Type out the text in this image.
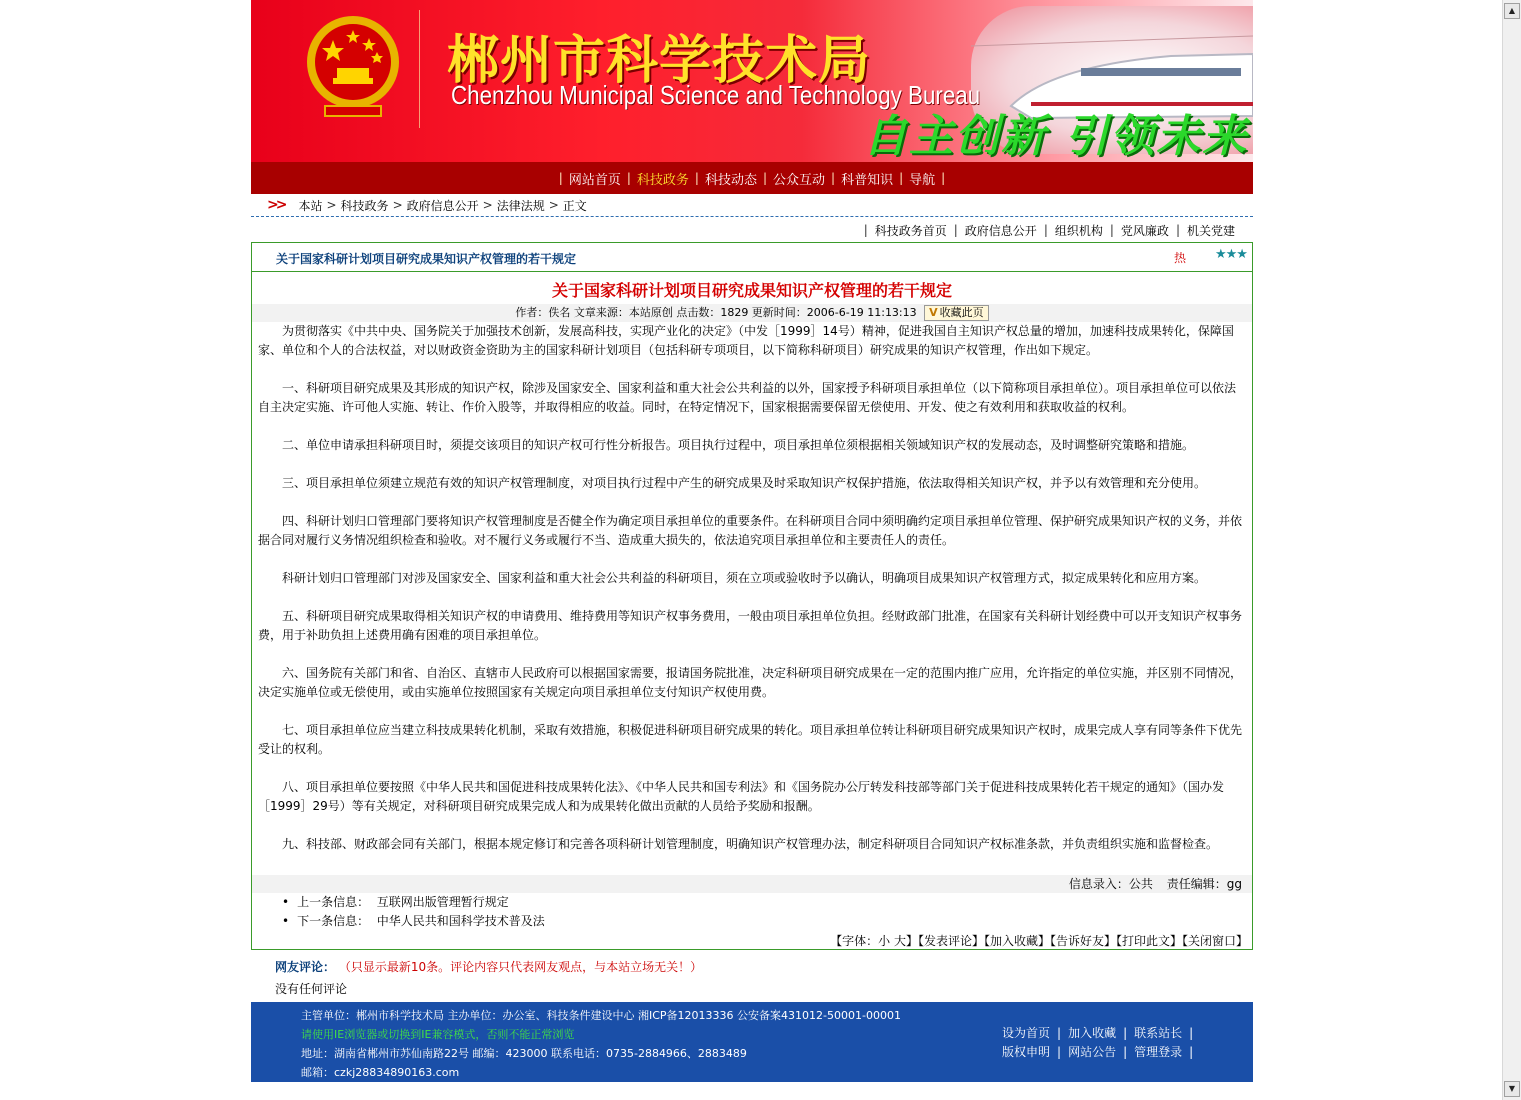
郴州市科学技术局
Chenzhou Municipal Science and Technology Bureau
自主创新 引领未来
| 网站首页 | 科技政务 | 科技动态 | 公众互动 | 科普知识 | 导航 |
>> 本站 > 科技政务 > 政府信息公开 > 法律法规 > 正文
| 科技政务首页 | 政府信息公开 | 组织机构 | 党风廉政 | 机关党建
关于国家科研计划项目研究成果知识产权管理的若干规定	热 ★★★
关于国家科研计划项目研究成果知识产权管理的若干规定
作者：佚名 文章来源：本站原创 点击数：1829 更新时间：2006-6-19 11:13:13 V 收藏此页

为贯彻落实《中共中央、国务院关于加强技术创新，发展高科技，实现产业化的决定》（中发［1999］14号）精神，促进我国自主知识产权总量的增加，加速科技成果转化，保障国家、单位和个人的合法权益，对以财政资金资助为主的国家科研计划项目（包括科研专项项目，以下简称科研项目）研究成果的知识产权管理，作出如下规定。

一、科研项目研究成果及其形成的知识产权，除涉及国家安全、国家利益和重大社会公共利益的以外，国家授予科研项目承担单位（以下简称项目承担单位）。项目承担单位可以依法自主决定实施、许可他人实施、转让、作价入股等，并取得相应的收益。同时，在特定情况下，国家根据需要保留无偿使用、开发、使之有效利用和获取收益的权利。

二、单位申请承担科研项目时，须提交该项目的知识产权可行性分析报告。项目执行过程中，项目承担单位须根据相关领域知识产权的发展动态，及时调整研究策略和措施。

三、项目承担单位须建立规范有效的知识产权管理制度，对项目执行过程中产生的研究成果及时采取知识产权保护措施，依法取得相关知识产权，并予以有效管理和充分使用。

四、科研计划归口管理部门要将知识产权管理制度是否健全作为确定项目承担单位的重要条件。在科研项目合同中须明确约定项目承担单位管理、保护研究成果知识产权的义务，并依据合同对履行义务情况组织检查和验收。对不履行义务或履行不当、造成重大损失的，依法追究项目承担单位和主要责任人的责任。

科研计划归口管理部门对涉及国家安全、国家利益和重大社会公共利益的科研项目，须在立项或验收时予以确认，明确项目成果知识产权管理方式，拟定成果转化和应用方案。

五、科研项目研究成果取得相关知识产权的申请费用、维持费用等知识产权事务费用，一般由项目承担单位负担。经财政部门批准，在国家有关科研计划经费中可以开支知识产权事务费，用于补助负担上述费用确有困难的项目承担单位。

六、国务院有关部门和省、自治区、直辖市人民政府可以根据国家需要，报请国务院批准，决定科研项目研究成果在一定的范围内推广应用，允许指定的单位实施，并区别不同情况，决定实施单位或无偿使用，或由实施单位按照国家有关规定向项目承担单位支付知识产权使用费。

七、项目承担单位应当建立科技成果转化机制，采取有效措施，积极促进科研项目研究成果的转化。项目承担单位转让科研项目研究成果知识产权时，成果完成人享有同等条件下优先受让的权利。

八、项目承担单位要按照《中华人民共和国促进科技成果转化法》、《中华人民共和国专利法》和《国务院办公厅转发科技部等部门关于促进科技成果转化若干规定的通知》（国办发［1999］29号）等有关规定，对科研项目研究成果完成人和为成果转化做出贡献的人员给予奖励和报酬。

九、科技部、财政部会同有关部门，根据本规定修订和完善各项科研计划管理制度，明确知识产权管理办法，制定科研项目合同知识产权标准条款，并负责组织实施和监督检查。

信息录入：公共 责任编辑：gg
• 上一条信息： 互联网出版管理暂行规定
• 下一条信息： 中华人民共和国科学技术普及法
【字体：小 大】【发表评论】【加入收藏】【告诉好友】【打印此文】【关闭窗口】
网友评论： （只显示最新10条。评论内容只代表网友观点，与本站立场无关！）
没有任何评论
主管单位：郴州市科学技术局 主办单位：办公室、科技条件建设中心 湘ICP备12013336 公安备案431012-50001-00001
请使用IE浏览器或切换到IE兼容模式，否则不能正常浏览
地址：湖南省郴州市苏仙南路22号 邮编：423000 联系电话：0735-2884966、2883489
邮箱：czkj28834890163.com
设为首页 | 加入收藏 | 联系站长 |
版权申明 | 网站公告 | 管理登录 |
▲
▼
